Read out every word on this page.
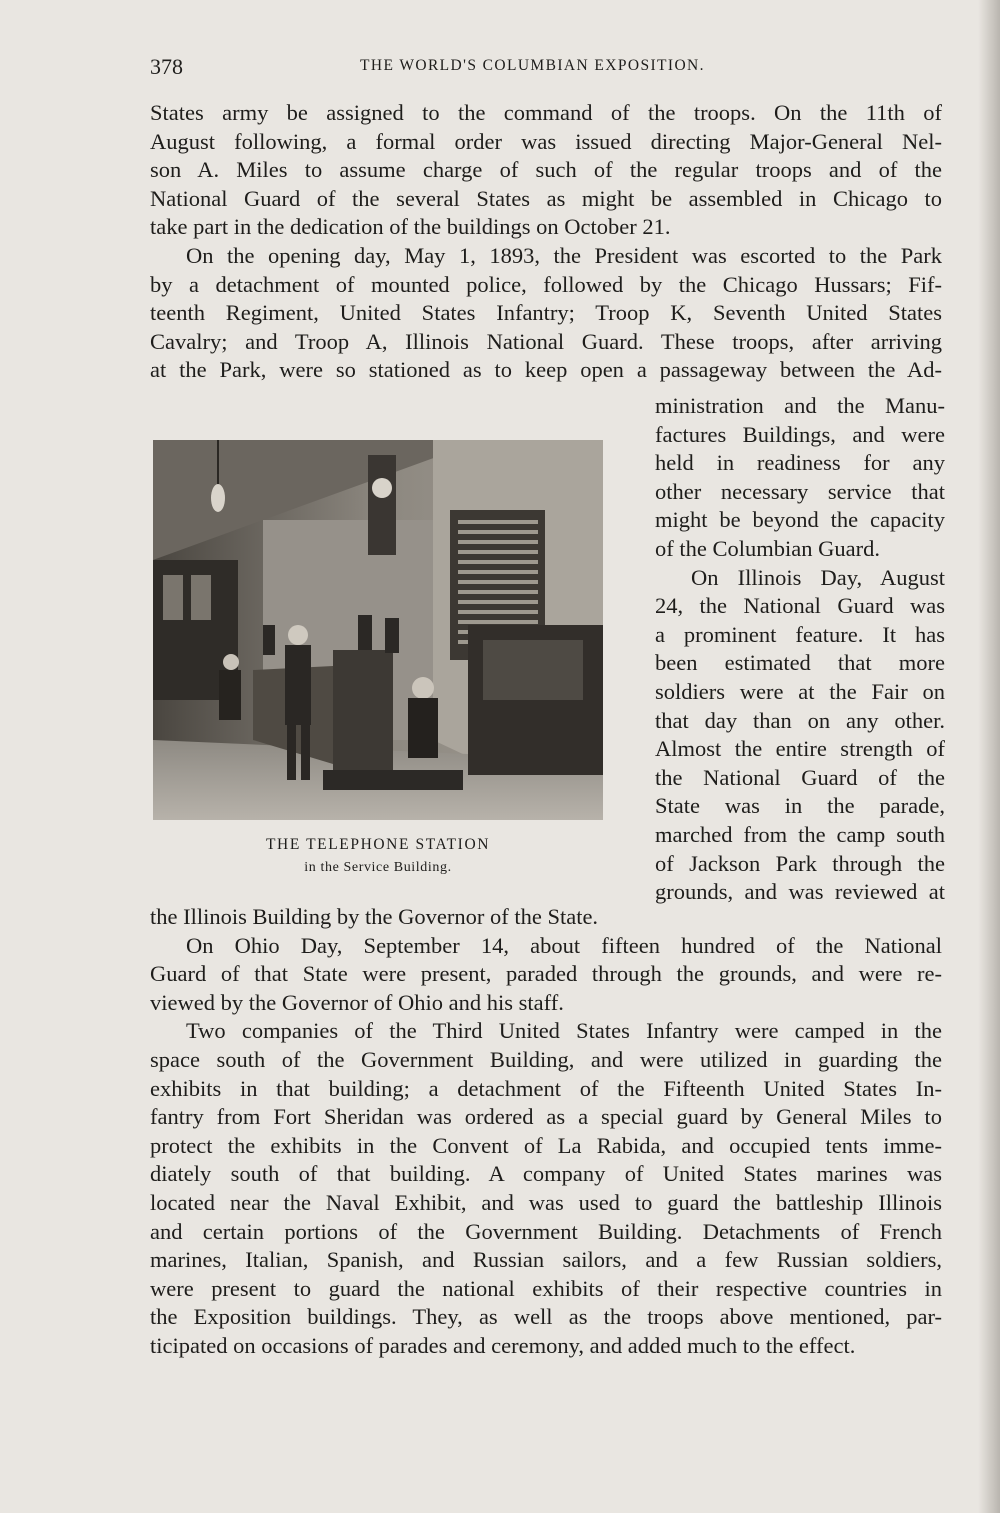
378	THE WORLD'S COLUMBIAN EXPOSITION.
States army be assigned to the command of the troops. On the 11th of
August following, a formal order was issued directing Major-General Nel-
son A. Miles to assume charge of such of the regular troops and of the
National Guard of the several States as might be assembled in Chicago to
take part in the dedication of the buildings on October 21.
On the opening day, May 1, 1893, the President was escorted to the Park
by a detachment of mounted police, followed by the Chicago Hussars; Fif-
teenth Regiment, United States Infantry; Troop K, Seventh United States
Cavalry; and Troop A, Illinois National Guard. These troops, after arriving
at the Park, were so stationed as to keep open a passageway between the Ad-
THE TELEPHONE STATION
in the Service Building.
ministration and the Manu-
factures Buildings, and were
held in readiness for any
other necessary service that
might be beyond the capacity
of the Columbian Guard.
On Illinois Day, August
24, the National Guard was
a prominent feature. It has
been estimated that more
soldiers were at the Fair on
that day than on any other.
Almost the entire strength of
the National Guard of the
State was in the parade,
marched from the camp south
of Jackson Park through the
grounds, and was reviewed at
the Illinois Building by the Governor of the State.
On Ohio Day, September 14, about fifteen hundred of the National
Guard of that State were present, paraded through the grounds, and were re-
viewed by the Governor of Ohio and his staff.
Two companies of the Third United States Infantry were camped in the
space south of the Government Building, and were utilized in guarding the
exhibits in that building; a detachment of the Fifteenth United States In-
fantry from Fort Sheridan was ordered as a special guard by General Miles to
protect the exhibits in the Convent of La Rabida, and occupied tents imme-
diately south of that building. A company of United States marines was
located near the Naval Exhibit, and was used to guard the battleship Illinois
and certain portions of the Government Building. Detachments of French
marines, Italian, Spanish, and Russian sailors, and a few Russian soldiers,
were present to guard the national exhibits of their respective countries in
the Exposition buildings. They, as well as the troops above mentioned, par-
ticipated on occasions of parades and ceremony, and added much to the effect.
